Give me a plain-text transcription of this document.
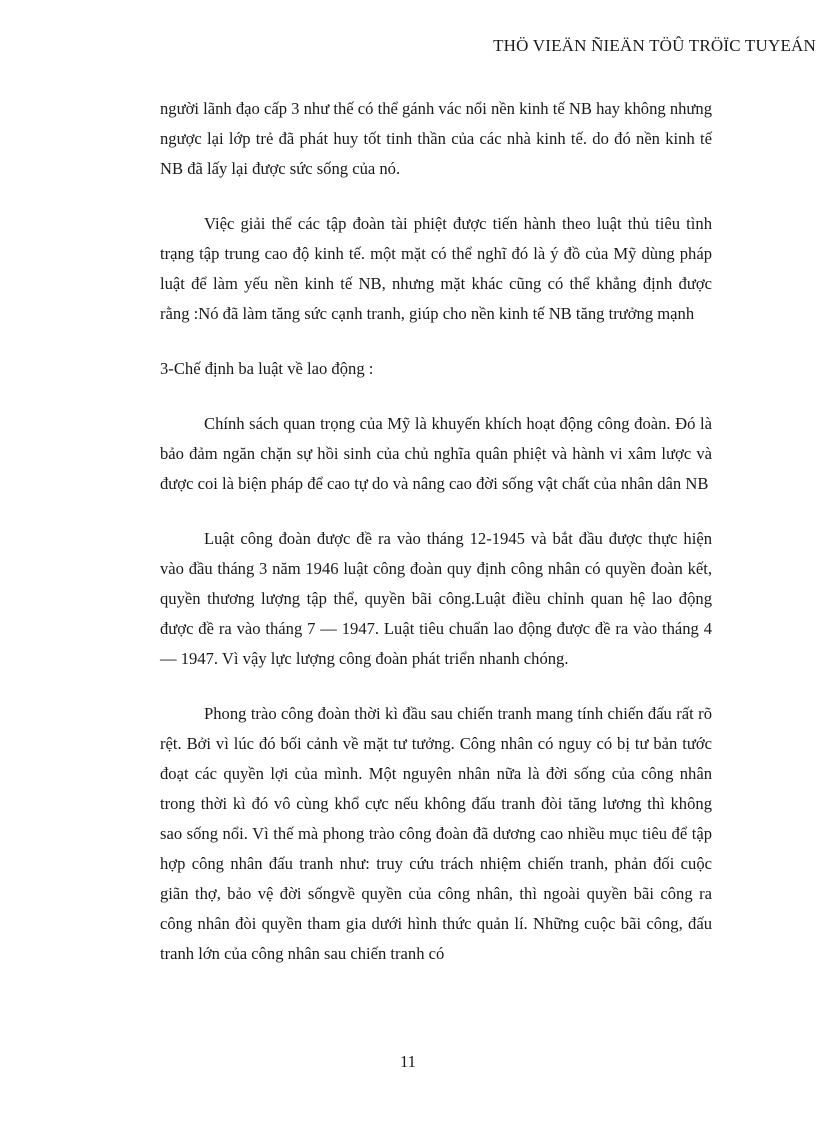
THÖ VIEÄN ÑIEÄN TÖÛ TRÖÏC TUYEÁN

người lãnh đạo cấp 3 như thế có thể gánh vác nổi nền kinh tế NB hay không nhưng ngược lại lớp trẻ đã phát huy tốt tinh thần của các nhà kinh tế. do đó nền kinh tế NB đã lấy lại được sức sống của nó.

Việc giải thể các tập đoàn tài phiệt được tiến hành theo luật thủ tiêu tình trạng tập trung cao độ kinh tế. một mặt có thể nghĩ đó là ý đồ của Mỹ dùng pháp luật để làm yếu nền kinh tế NB, nhưng mặt khác cũng có thể khẳng định được rằng :Nó đã làm tăng sức cạnh tranh, giúp cho nền kinh tế NB tăng trưởng mạnh

3-Chế định ba luật về lao động :

Chính sách quan trọng của Mỹ là khuyến khích hoạt động công đoàn. Đó là bảo đảm ngăn chặn sự hồi sinh của chủ nghĩa quân phiệt và hành vi xâm lược và được coi là biện pháp để cao tự do và nâng cao đời sống vật chất của nhân dân NB

Luật công đoàn được đề ra vào tháng 12-1945 và bắt đầu được thực hiện vào đầu tháng 3 năm 1946 luật công đoàn quy định công nhân có quyền đoàn kết, quyền thương lượng tập thể, quyền bãi công.Luật điều chỉnh quan hệ lao động được đề ra vào tháng 7 — 1947. Luật tiêu chuẩn lao động được đề ra vào tháng 4 — 1947. Vì vậy lực lượng công đoàn phát triển nhanh chóng.

Phong trào công đoàn thời kì đầu sau chiến tranh mang tính chiến đấu rất rõ rệt. Bởi vì lúc đó bối cảnh về mặt tư tưởng. Công nhân có nguy có bị tư bản tước đoạt các quyền lợi của mình. Một nguyên nhân nữa là đời sống của công nhân trong thời kì đó vô cùng khổ cực nếu không đấu tranh đòi tăng lương thì không sao sống nổi. Vì thế mà phong trào công đoàn đã dương cao nhiều mục tiêu để tập hợp công nhân đấu tranh như: truy cứu trách nhiệm chiến tranh, phản đối cuộc giãn thợ, bảo vệ đời sốngvề quyền của công nhân, thì ngoài quyền bãi công ra công nhân đòi quyền tham gia dưới hình thức quản lí. Những cuộc bãi công, đấu tranh lớn của công nhân sau chiến tranh có

11
